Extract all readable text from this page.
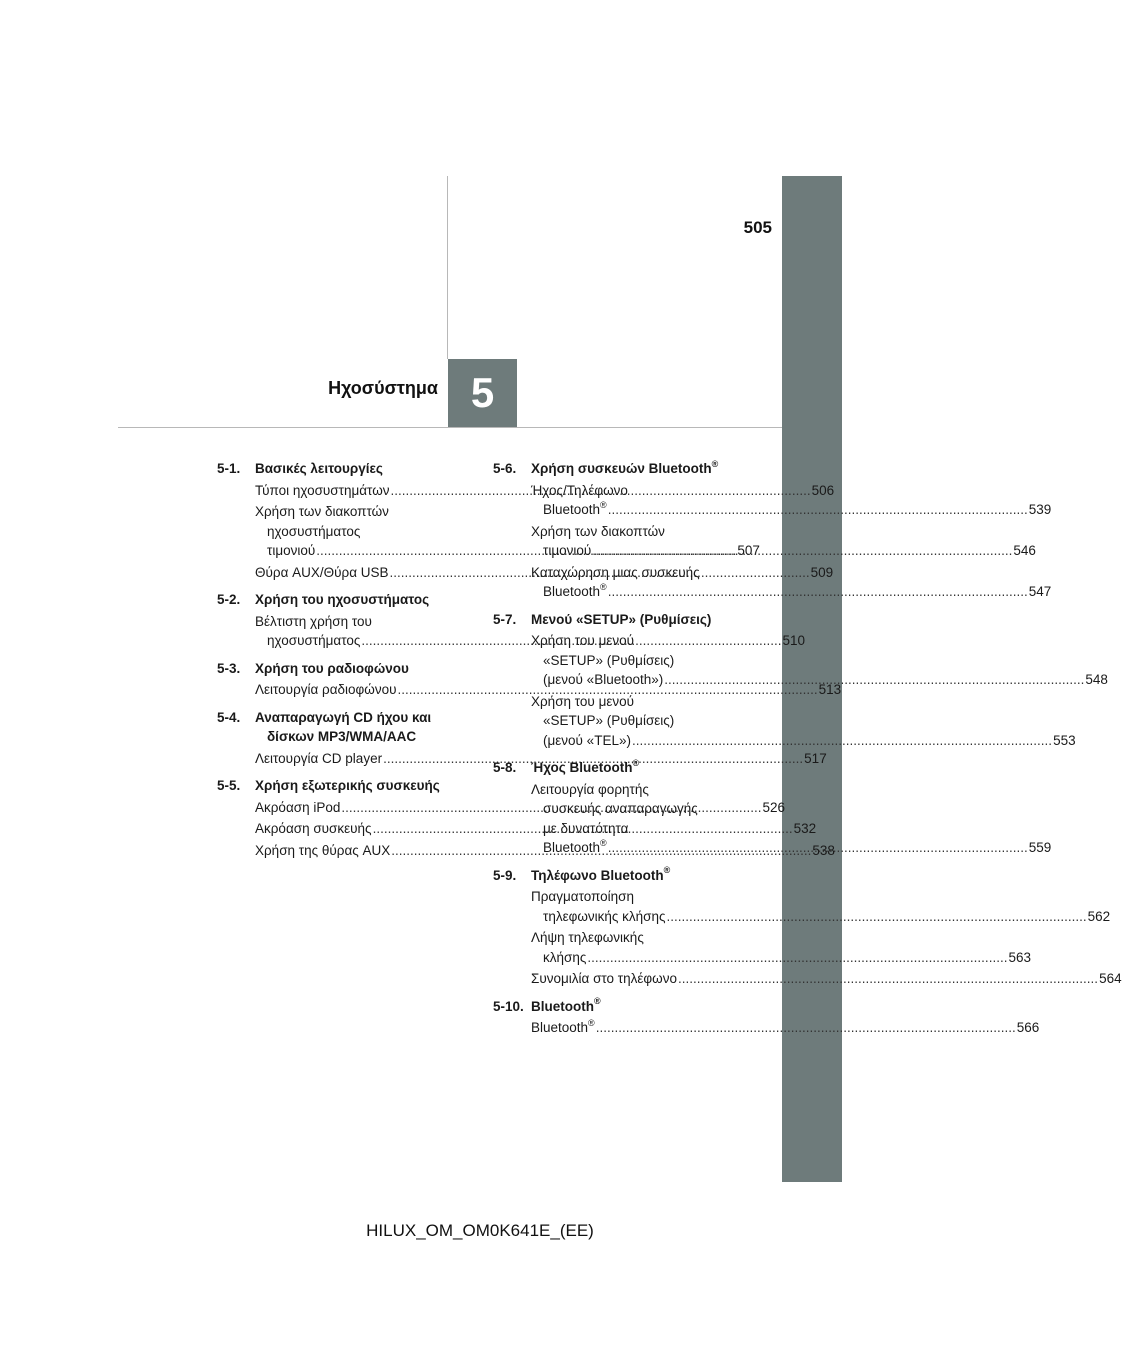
505
Ηχοσύστημα 5
5-1.	Βασικές λειτουργίες
Τύποι ηχοσυστημάτων .....	506
Χρήση των διακοπτών
ηχοσυστήματος
τιμονιού .....	507
Θύρα AUX/Θύρα USB .....	509
5-2.	Χρήση του ηχοσυστήματος
Βέλτιστη χρήση του
ηχοσυστήματος .....	510
5-3.	Χρήση του ραδιοφώνου
Λειτουργία ραδιοφώνου .....	513
5-4.	Αναπαραγωγή CD ήχου και
δίσκων MP3/WMA/AAC
Λειτουργία CD player .....	517
5-5.	Χρήση εξωτερικής συσκευής
Ακρόαση iPod .....	526
Ακρόαση συσκευής .....	532
Χρήση της θύρας AUX .....	538
5-6.	Χρήση συσκευών Bluetooth®
Ήχος/Τηλέφωνο
Bluetooth® .....	539
Χρήση των διακοπτών
τιμονιού .....	546
Καταχώρηση μιας συσκευής
Bluetooth® .....	547
5-7.	Μενού «SETUP» (Ρυθμίσεις)
Χρήση του μενού
«SETUP» (Ρυθμίσεις)
(μενού «Bluetooth») .....	548
Χρήση του μενού
«SETUP» (Ρυθμίσεις)
(μενού «TEL») .....	553
5-8.	Ήχος Bluetooth®
Λειτουργία φορητής
συσκευής αναπαραγωγής
με δυνατότητα
Bluetooth® .....	559
5-9.	Τηλέφωνο Bluetooth®
Πραγματοποίηση
τηλεφωνικής κλήσης .....	562
Λήψη τηλεφωνικής
κλήσης .....	563
Συνομιλία στο τηλέφωνο .....	564
5-10. Bluetooth®
Bluetooth® .....	566
HILUX_OM_OM0K641E_(EE)
